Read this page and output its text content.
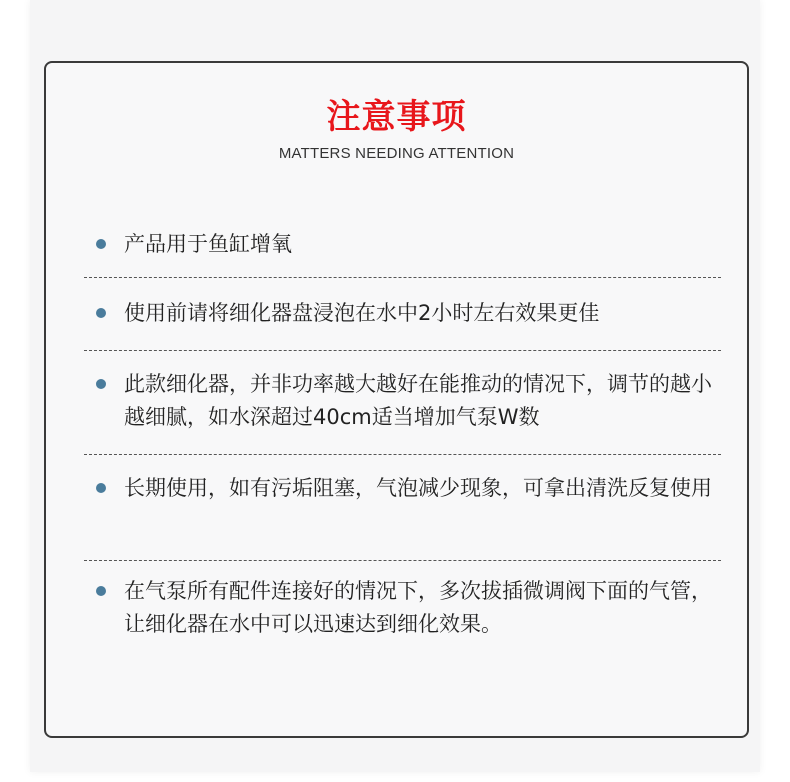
注意事项
MATTERS NEEDING ATTENTION
产品用于鱼缸增氧
使用前请将细化器盘浸泡在水中2小时左右效果更佳
此款细化器，并非功率越大越好在能推动的情况下，调节的越小越细腻，如水深超过40cm适当增加气泵W数
长期使用，如有污垢阻塞，气泡减少现象，可拿出清洗反复使用
在气泵所有配件连接好的情况下，多次拔插微调阀下面的气管，让细化器在水中可以迅速达到细化效果。
